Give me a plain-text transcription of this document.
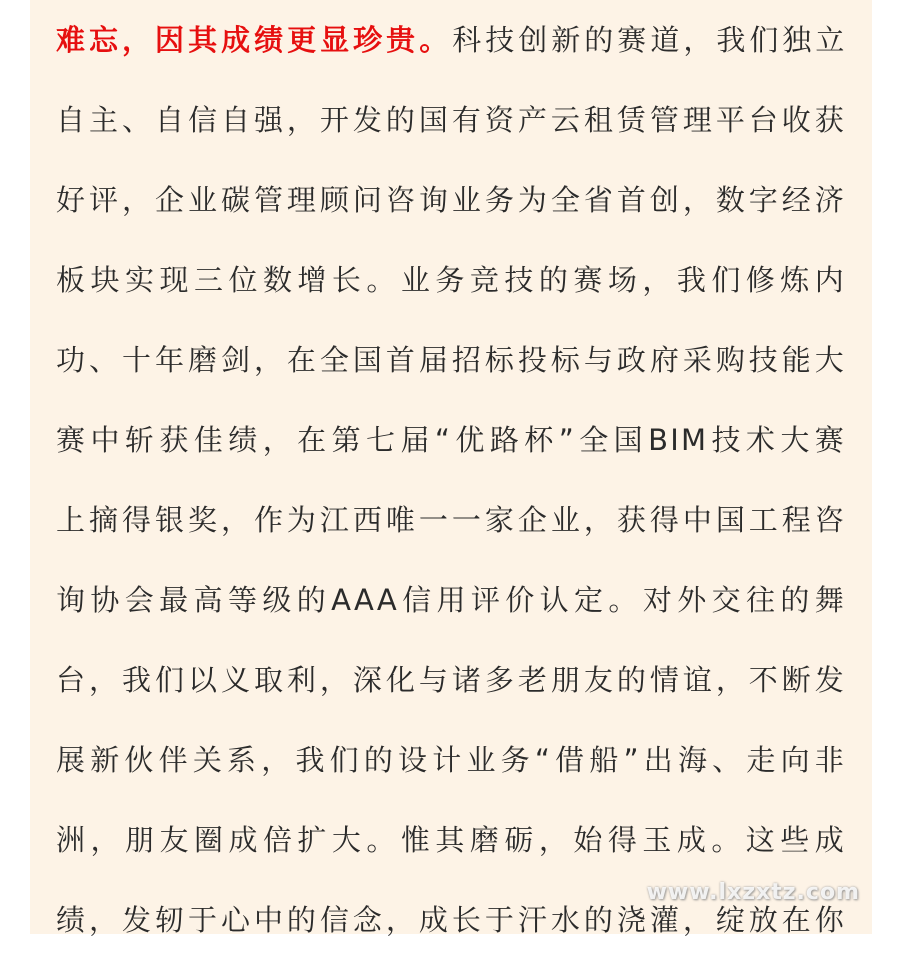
难忘，因其成绩更显珍贵。科技创新的赛道，我们独立
自主、自信自强，开发的国有资产云租赁管理平台收获
好评，企业碳管理顾问咨询业务为全省首创，数字经济
板块实现三位数增长。业务竞技的赛场，我们修炼内
功、十年磨剑，在全国首届招标投标与政府采购技能大
赛中斩获佳绩，在第七届“优路杯”全国BIM技术大赛
上摘得银奖，作为江西唯一一家企业，获得中国工程咨
询协会最高等级的AAA信用评价认定。对外交往的舞
台，我们以义取利，深化与诸多老朋友的情谊，不断发
展新伙伴关系，我们的设计业务“借船”出海、走向非
洲，朋友圈成倍扩大。惟其磨砺，始得玉成。这些成
绩，发轫于心中的信念，成长于汗水的浇灌，绽放在你
www.lxzxtz.com
